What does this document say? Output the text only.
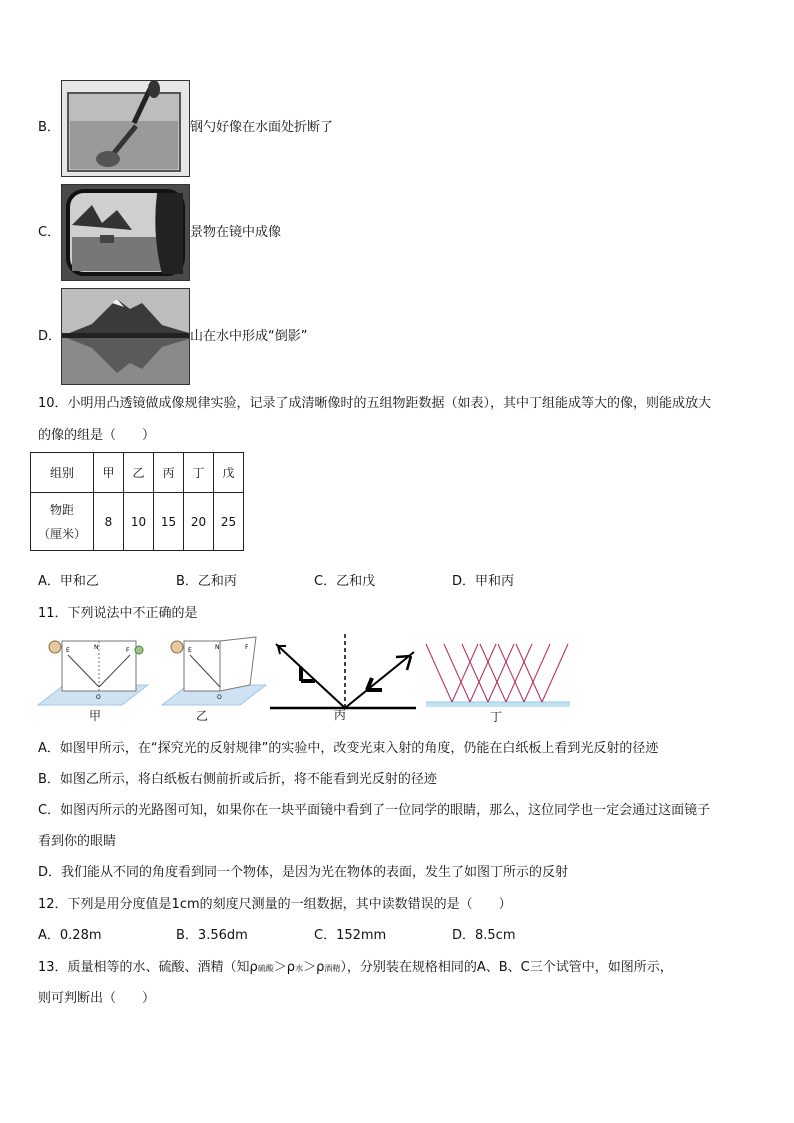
B．	钢勺好像在水面处折断了
C．	景物在镜中成像
D．	山在水中形成“倒影”
10．小明用凸透镜做成像规律实验，记录了成清晰像时的五组物距数据（如表），其中丁组能成等大的像，则能成放大
的像的组是（　　）
组别	甲	乙	丙	丁	戊

物距
（厘米）	8	10	15	20	25
A．甲和乙	B．乙和丙	C．乙和戊	D．甲和丙
11．下列说法中不正确的是
E	N	F
O
甲
E	N	F
O
乙	丙	丁
A．如图甲所示，在“探究光的反射规律”的实验中，改变光束入射的角度，仍能在白纸板上看到光反射的径迹
B．如图乙所示，将白纸板右侧前折或后折，将不能看到光反射的径迹
C．如图丙所示的光路图可知，如果你在一块平面镜中看到了一位同学的眼睛，那么，这位同学也一定会通过这面镜子
看到你的眼睛
D．我们能从不同的角度看到同一个物体，是因为光在物体的表面，发生了如图丁所示的反射
12．下列是用分度值是1cm的刻度尺测量的一组数据，其中读数错误的是（　　）
A．0.28m	B．3.56dm	C．152mm	D．8.5cm
13．质量相等的水、硫酸、酒精（知ρ硫酸＞ρ水＞ρ酒精），分别装在规格相同的A、B、C三个试管中，如图所示，
则可判断出（　　）
